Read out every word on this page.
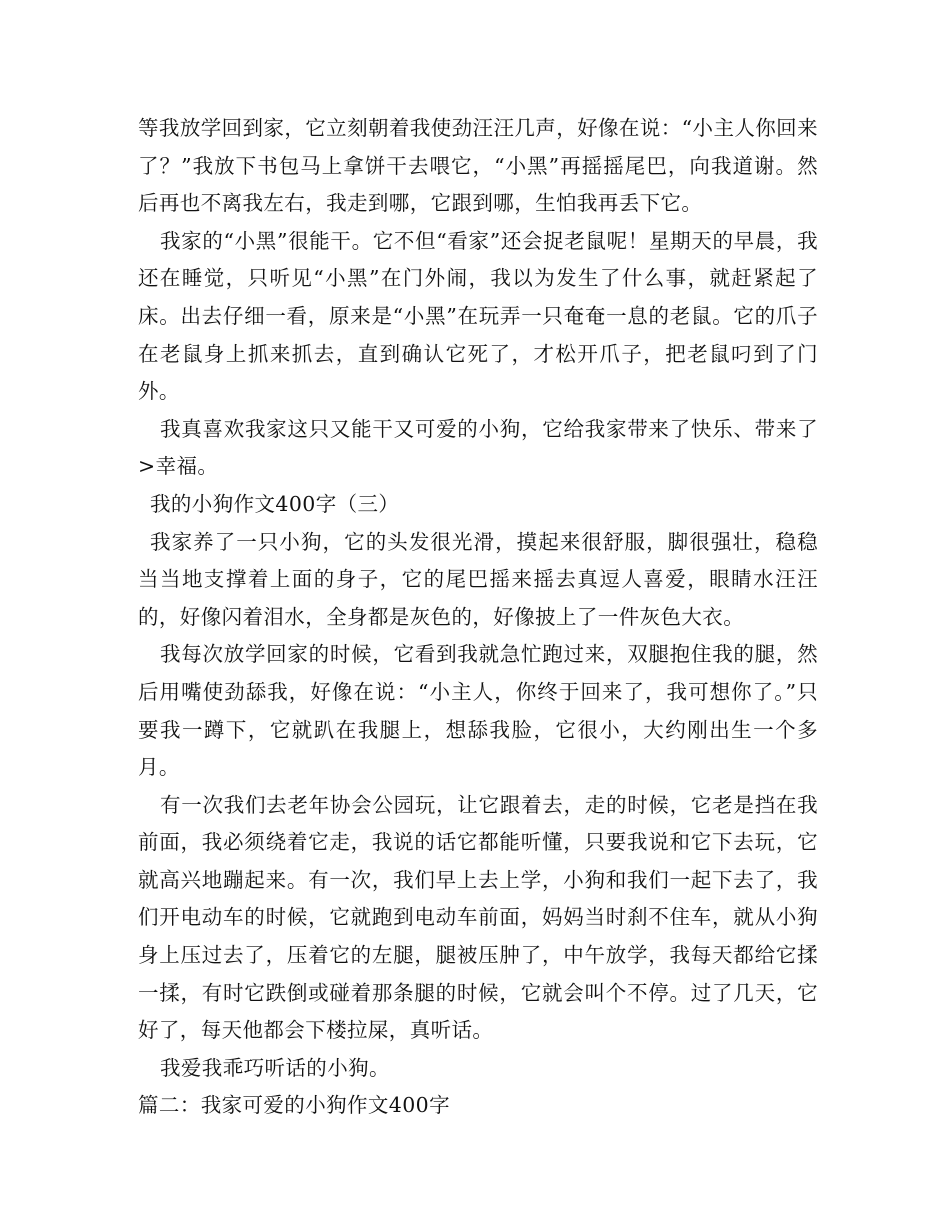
等我放学回到家，它立刻朝着我使劲汪汪几声，好像在说：“小主人你回来了？”我放下书包马上拿饼干去喂它，“小黑”再摇摇尾巴，向我道谢。然后再也不离我左右，我走到哪，它跟到哪，生怕我再丢下它。

我家的“小黑”很能干。它不但“看家”还会捉老鼠呢！星期天的早晨，我还在睡觉，只听见“小黑”在门外闹，我以为发生了什么事，就赶紧起了床。出去仔细一看，原来是“小黑”在玩弄一只奄奄一息的老鼠。它的爪子在老鼠身上抓来抓去，直到确认它死了，才松开爪子，把老鼠叼到了门外。

我真喜欢我家这只又能干又可爱的小狗，它给我家带来了快乐、带来了>幸福。

我的小狗作文400字（三）

我家养了一只小狗，它的头发很光滑，摸起来很舒服，脚很强壮，稳稳当当地支撑着上面的身子，它的尾巴摇来摇去真逗人喜爱，眼睛水汪汪的，好像闪着泪水，全身都是灰色的，好像披上了一件灰色大衣。

我每次放学回家的时候，它看到我就急忙跑过来，双腿抱住我的腿，然后用嘴使劲舔我，好像在说：“小主人，你终于回来了，我可想你了。”只要我一蹲下，它就趴在我腿上，想舔我脸，它很小，大约刚出生一个多月。

有一次我们去老年协会公园玩，让它跟着去，走的时候，它老是挡在我前面，我必须绕着它走，我说的话它都能听懂，只要我说和它下去玩，它就高兴地蹦起来。有一次，我们早上去上学，小狗和我们一起下去了，我们开电动车的时候，它就跑到电动车前面，妈妈当时刹不住车，就从小狗身上压过去了，压着它的左腿，腿被压肿了，中午放学，我每天都给它揉一揉，有时它跌倒或碰着那条腿的时候，它就会叫个不停。过了几天，它好了，每天他都会下楼拉屎，真听话。

我爱我乖巧听话的小狗。

篇二：我家可爱的小狗作文400字
